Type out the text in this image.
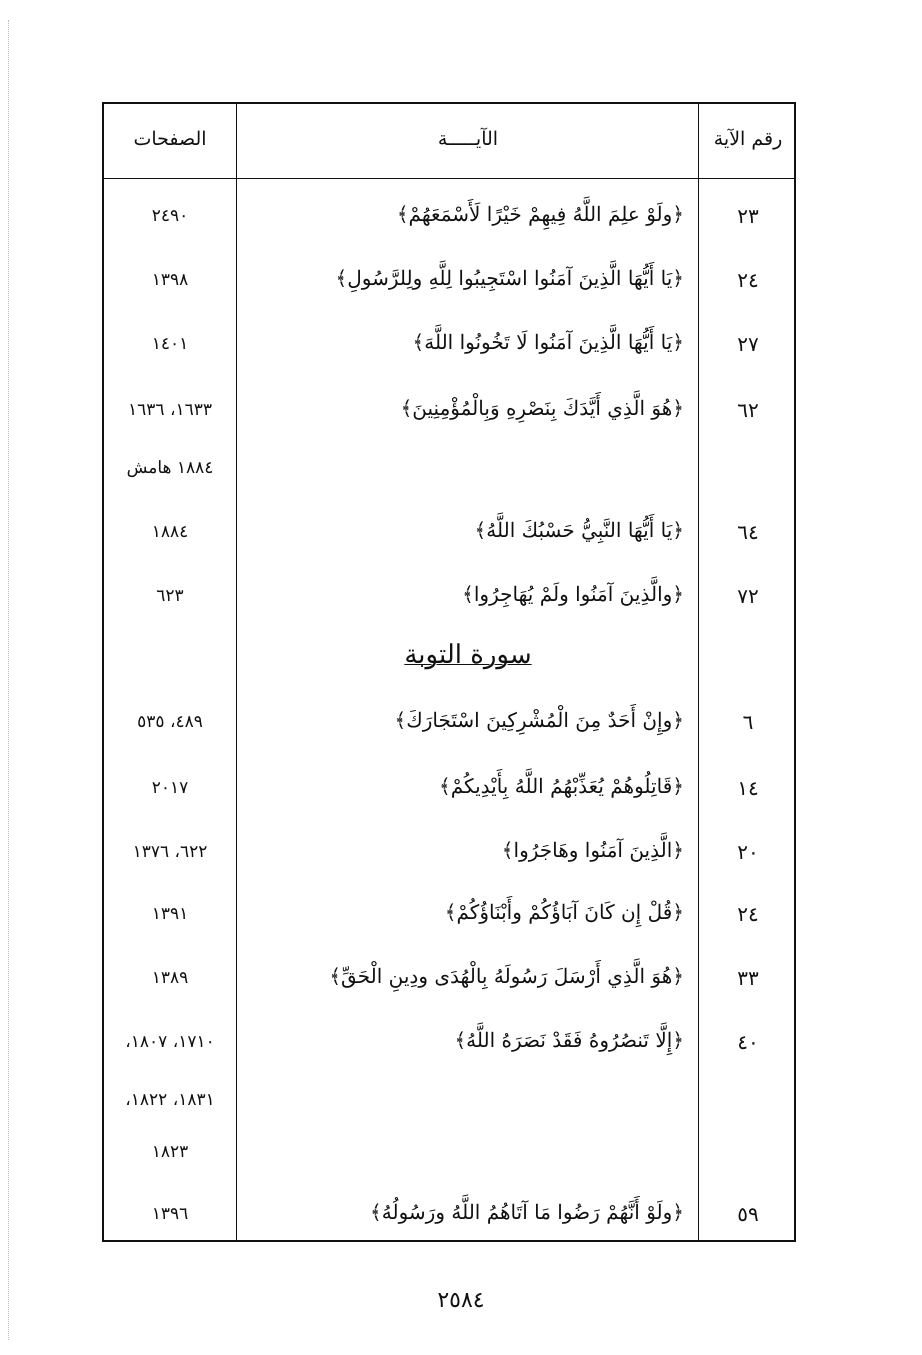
رقم الآية
الآيـــــة
الصفحات
٢٣
﴿ولَوْ علِمَ اللَّهُ فِيهِمْ خَيْرًا لَأَسْمَعَهُمْ﴾
٢٤٩٠
٢٤
﴿يَا أَيُّهَا الَّذِينَ آمَنُوا اسْتَجِيبُوا لِلَّهِ ولِلرَّسُولِ﴾
١٣٩٨
٢٧
﴿يَا أَيُّهَا الَّذِينَ آمَنُوا لَا تَخُونُوا اللَّهَ﴾
١٤٠١
٦٢
﴿هُوَ الَّذِي أَيَّدَكَ بِنَصْرِهِ وَبِالْمُؤْمِنِينَ﴾
١٦٣٣، ١٦٣٦
١٨٨٤ هامش
٦٤
﴿يَا أَيُّهَا النَّبِيُّ حَسْبُكَ اللَّهُ﴾
١٨٨٤
٧٢
﴿والَّذِينَ آمَنُوا ولَمْ يُهَاجِرُوا﴾
٦٢٣
سورة التوبة
٦
﴿وإِنْ أَحَدٌ مِنَ الْمُشْرِكِينَ اسْتَجَارَكَ﴾
٤٨٩، ٥٣٥
١٤
﴿قَاتِلُوهُمْ يُعَذِّبْهُمُ اللَّهُ بِأَيْدِيكُمْ﴾
٢٠١٧
٢٠
﴿الَّذِينَ آمَنُوا وهَاجَرُوا﴾
٦٢٢، ١٣٧٦
٢٤
﴿قُلْ إِن كَانَ آبَاؤُكُمْ وأَبْنَاؤُكُمْ﴾
١٣٩١
٣٣
﴿هُوَ الَّذِي أَرْسَلَ رَسُولَهُ بِالْهُدَى ودِينِ الْحَقِّ﴾
١٣٨٩
٤٠
﴿إِلَّا تَنصُرُوهُ فَقَدْ نَصَرَهُ اللَّهُ﴾
١٧١٠، ١٨٠٧،
١٨٣١، ١٨٢٢،
١٨٢٣
٥٩
﴿ولَوْ أَنَّهُمْ رَضُوا مَا آتَاهُمُ اللَّهُ ورَسُولُهُ﴾
١٣٩٦
٢٥٨٤
